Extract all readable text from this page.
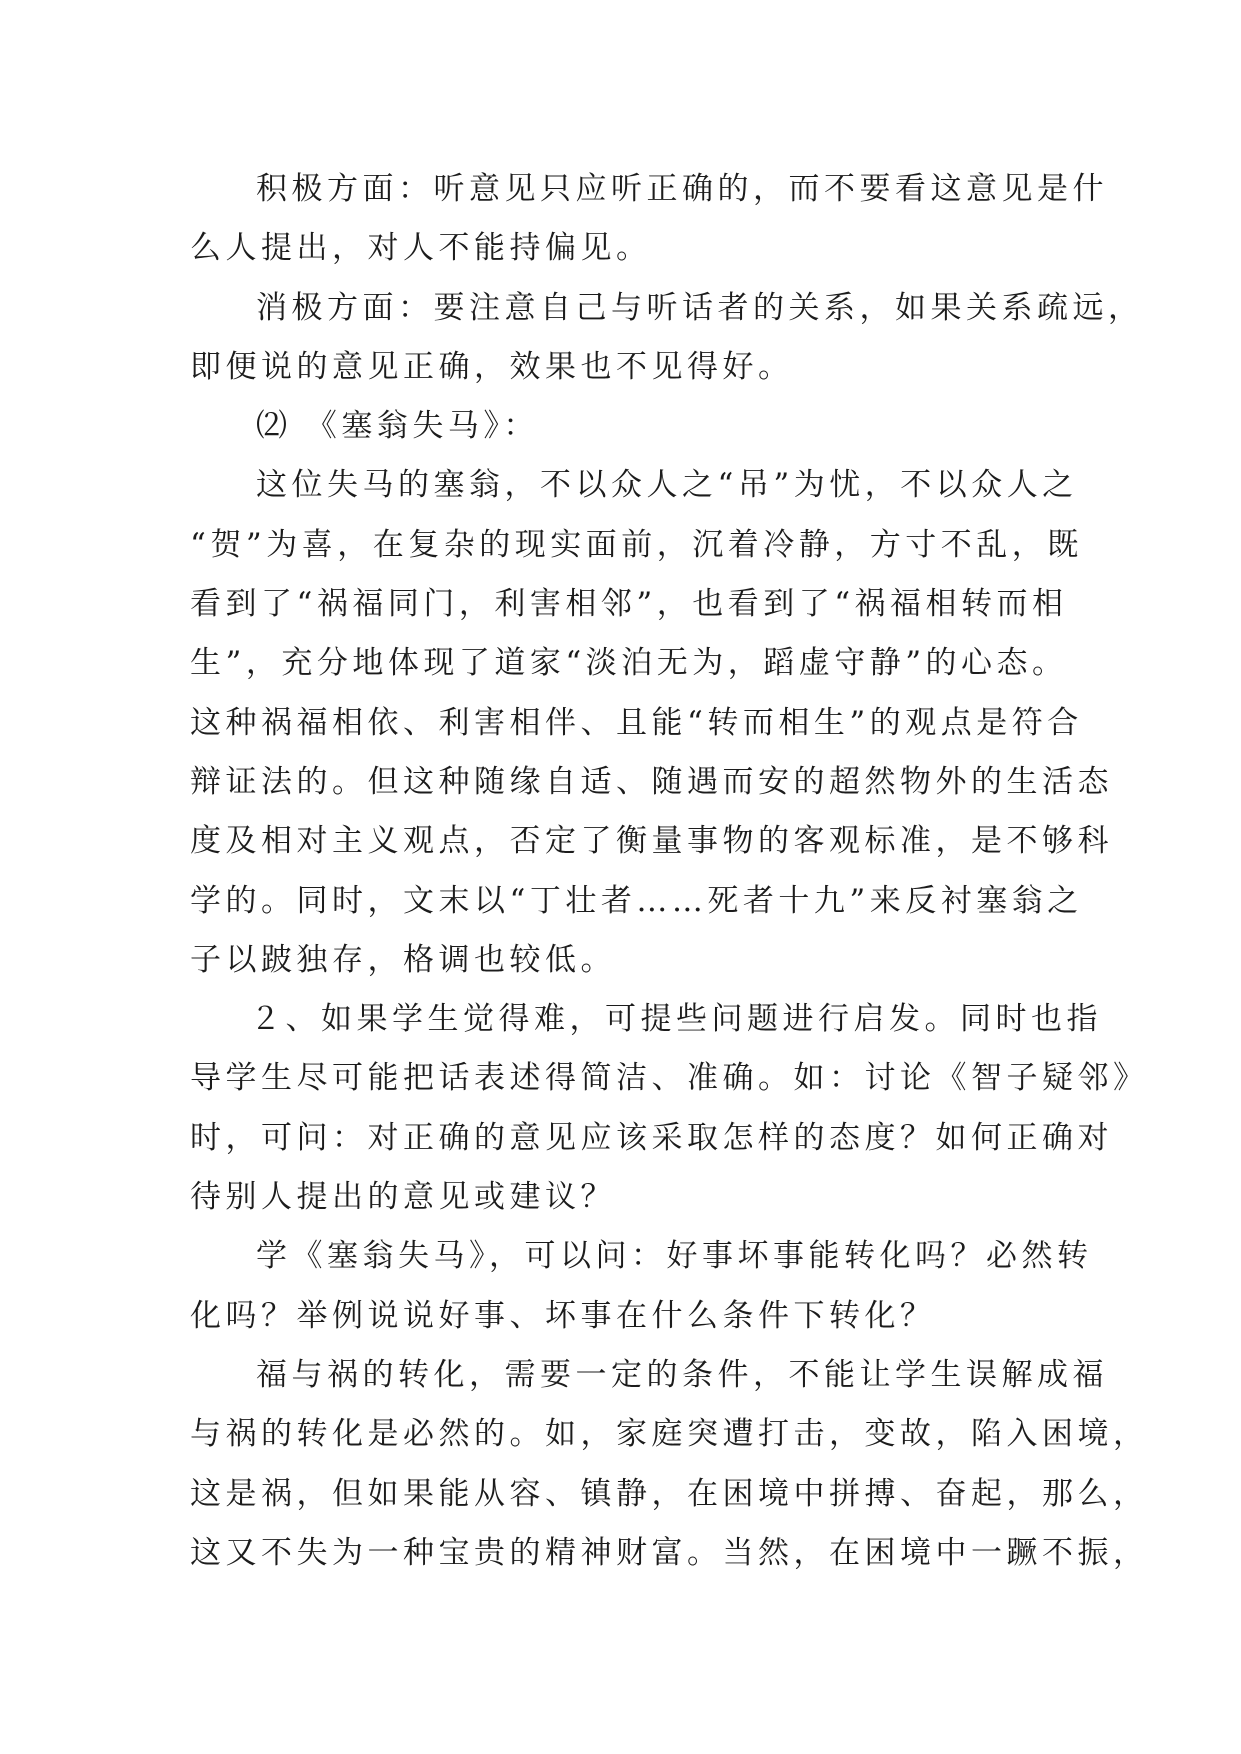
积极方面：听意见只应听正确的，而不要看这意见是什
么人提出，对人不能持偏见。
消极方面：要注意自己与听话者的关系，如果关系疏远，
即便说的意见正确，效果也不见得好。
⑵ 《塞翁失马》：
这位失马的塞翁，不以众人之“吊”为忧，不以众人之
“贺”为喜，在复杂的现实面前，沉着冷静，方寸不乱，既
看到了“祸福同门，利害相邻”，也看到了“祸福相转而相
生”，充分地体现了道家“淡泊无为，蹈虚守静”的心态。
这种祸福相依、利害相伴、且能“转而相生”的观点是符合
辩证法的。但这种随缘自适、随遇而安的超然物外的生活态
度及相对主义观点，否定了衡量事物的客观标准，是不够科
学的。同时，文末以“丁壮者……死者十九”来反衬塞翁之
子以跛独存，格调也较低。
２、如果学生觉得难，可提些问题进行启发。同时也指
导学生尽可能把话表述得简洁、准确。如：讨论《智子疑邻》
时，可问：对正确的意见应该采取怎样的态度？如何正确对
待别人提出的意见或建议？
学《塞翁失马》，可以问：好事坏事能转化吗？必然转
化吗？举例说说好事、坏事在什么条件下转化？
福与祸的转化，需要一定的条件，不能让学生误解成福
与祸的转化是必然的。如，家庭突遭打击，变故，陷入困境，
这是祸，但如果能从容、镇静，在困境中拼搏、奋起，那么，
这又不失为一种宝贵的精神财富。当然，在困境中一蹶不振，
